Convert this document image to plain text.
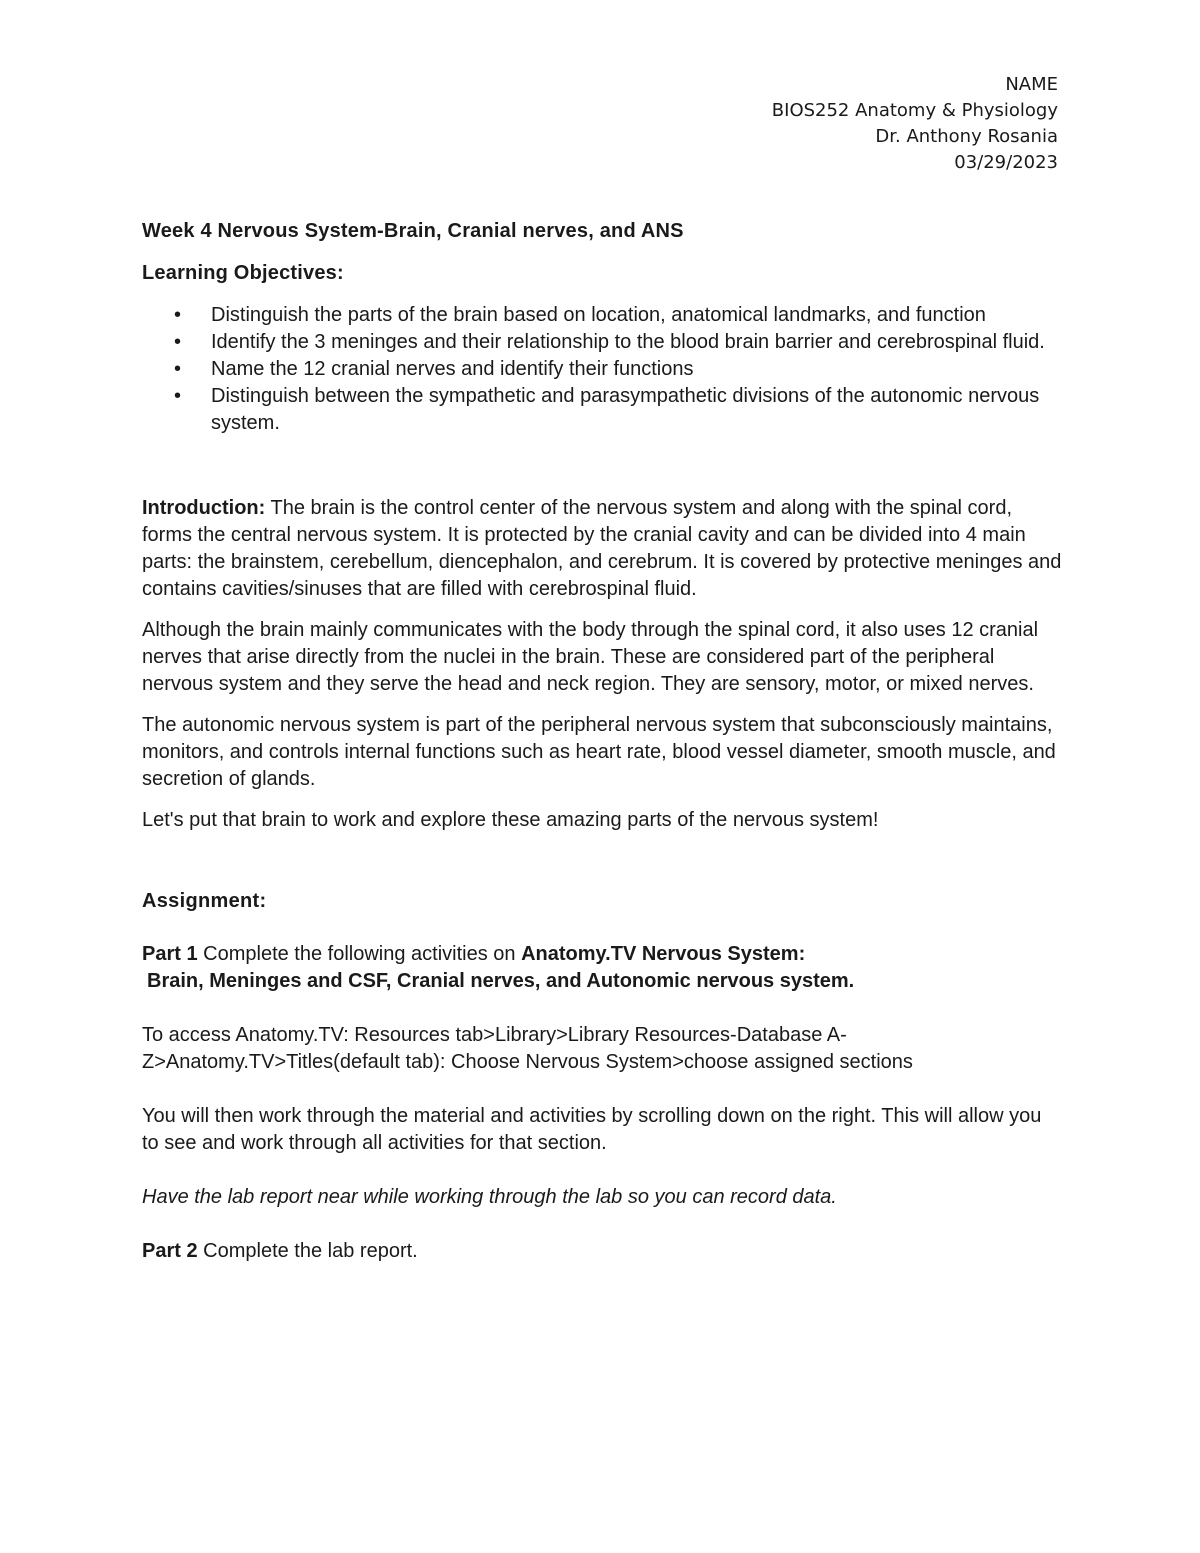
NAME
BIOS252 Anatomy & Physiology
Dr. Anthony Rosania
03/29/2023
Week 4 Nervous System-Brain, Cranial nerves, and ANS
Learning Objectives:
• Distinguish the parts of the brain based on location, anatomical landmarks, and function
• Identify the 3 meninges and their relationship to the blood brain barrier and cerebrospinal fluid.
• Name the 12 cranial nerves and identify their functions
• Distinguish between the sympathetic and parasympathetic divisions of the autonomic nervous system.

Introduction: The brain is the control center of the nervous system and along with the spinal cord, forms the central nervous system. It is protected by the cranial cavity and can be divided into 4 main parts: the brainstem, cerebellum, diencephalon, and cerebrum. It is covered by protective meninges and contains cavities/sinuses that are filled with cerebrospinal fluid.

Although the brain mainly communicates with the body through the spinal cord, it also uses 12 cranial nerves that arise directly from the nuclei in the brain. These are considered part of the peripheral nervous system and they serve the head and neck region. They are sensory, motor, or mixed nerves.

The autonomic nervous system is part of the peripheral nervous system that subconsciously maintains, monitors, and controls internal functions such as heart rate, blood vessel diameter, smooth muscle, and secretion of glands.

Let's put that brain to work and explore these amazing parts of the nervous system!

Assignment:
Part 1 Complete the following activities on Anatomy.TV Nervous System:
Brain, Meninges and CSF, Cranial nerves, and Autonomic nervous system.

To access Anatomy.TV: Resources tab>Library>Library Resources-Database A-Z>Anatomy.TV>Titles(default tab): Choose Nervous System>choose assigned sections

You will then work through the material and activities by scrolling down on the right. This will allow you to see and work through all activities for that section.

Have the lab report near while working through the lab so you can record data.

Part 2 Complete the lab report.
